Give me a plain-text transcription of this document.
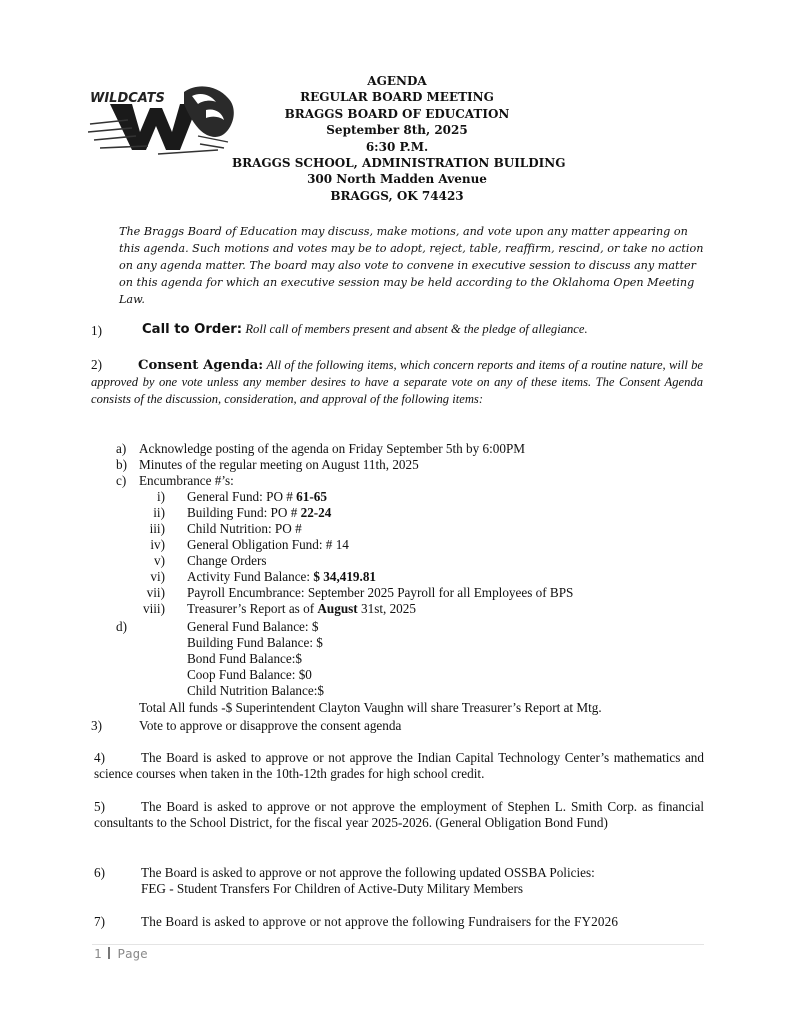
WILDCATS
AGENDA
REGULAR BOARD MEETING
BRAGGS BOARD OF EDUCATION
September 8th, 2025
6:30 P.M.
BRAGGS SCHOOL, ADMINISTRATION BUILDING
300 North Madden Avenue
BRAGGS, OK 74423
The Braggs Board of Education may discuss, make motions, and vote upon any matter appearing on this agenda. Such motions and votes may be to adopt, reject, table, reaffirm, rescind, or take no action on any agenda matter. The board may also vote to convene in executive session to discuss any matter on this agenda for which an executive session may be held according to the Oklahoma Open Meeting Law.
1)	Call to Order: Roll call of members present and absent & the pledge of allegiance.
2)	Consent Agenda: All of the following items, which concern reports and items of a routine nature, will be approved by one vote unless any member desires to have a separate vote on any of these items. The Consent Agenda consists of the discussion, consideration, and approval of the following items:
a) Acknowledge posting of the agenda on Friday September 5th by 6:00PM
b) Minutes of the regular meeting on August 11th, 2025
c) Encumbrance #’s:
i) General Fund: PO # 61-65
ii) Building Fund: PO # 22-24
iii) Child Nutrition: PO #
iv) General Obligation Fund: # 14
v) Change Orders
vi) Activity Fund Balance: $ 34,419.81
vii) Payroll Encumbrance: September 2025 Payroll for all Employees of BPS
viii) Treasurer’s Report as of August 31st, 2025
d)	General Fund Balance: $
Building Fund Balance: $
Bond Fund Balance:$
Coop Fund Balance: $0
Child Nutrition Balance:$
Total All funds -$ Superintendent Clayton Vaughn will share Treasurer’s Report at Mtg.
3)	Vote to approve or disapprove the consent agenda
4)	The Board is asked to approve or not approve the Indian Capital Technology Center’s mathematics and science courses when taken in the 10th-12th grades for high school credit.
5)	The Board is asked to approve or not approve the employment of Stephen L. Smith Corp. as financial consultants to the School District, for the fiscal year 2025-2026. (General Obligation Bond Fund)
6)	The Board is asked to approve or not approve the following updated OSSBA Policies:
FEG - Student Transfers For Children of Active-Duty Military Members
7)	The Board is asked to approve or not approve the following Fundraisers for the FY2026
1 Page
